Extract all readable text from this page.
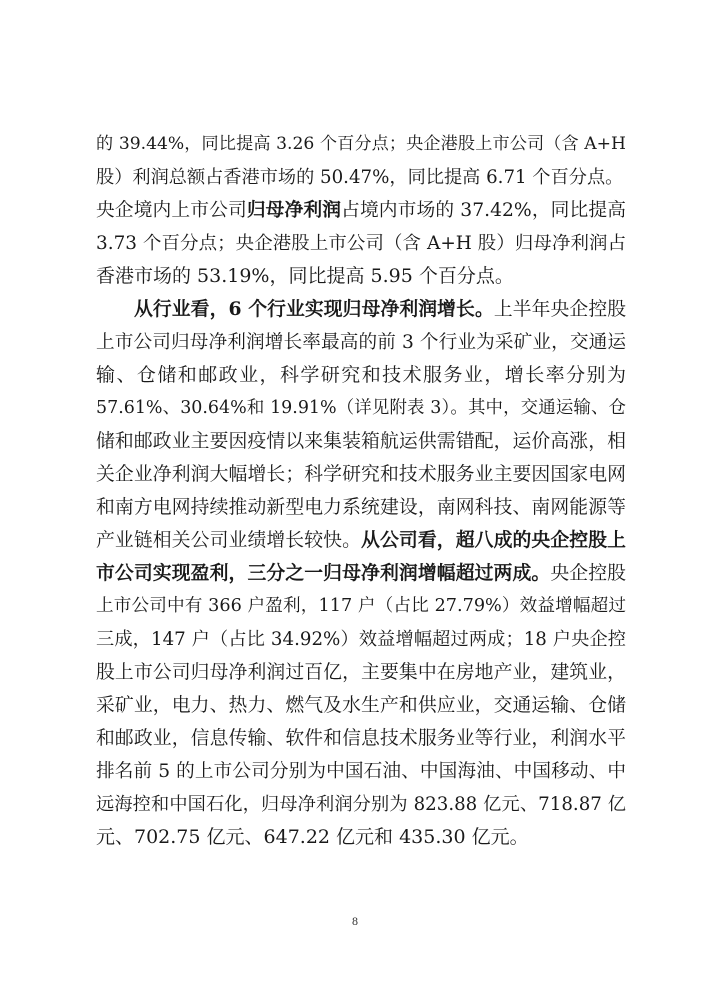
的 39.44%，同比提高 3.26 个百分点；央企港股上市公司（含 A+H
股）利润总额占香港市场的 50.47%，同比提高 6.71 个百分点。
央企境内上市公司归母净利润占境内市场的 37.42%，同比提高
3.73 个百分点；央企港股上市公司（含 A+H 股）归母净利润占
香港市场的 53.19%，同比提高 5.95 个百分点。
从行业看，6 个行业实现归母净利润增长。上半年央企控股
上市公司归母净利润增长率最高的前 3 个行业为采矿业，交通运
输、仓储和邮政业，科学研究和技术服务业，增长率分别为
57.61%、30.64%和 19.91%（详见附表 3）。其中，交通运输、仓
储和邮政业主要因疫情以来集装箱航运供需错配，运价高涨，相
关企业净利润大幅增长；科学研究和技术服务业主要因国家电网
和南方电网持续推动新型电力系统建设，南网科技、南网能源等
产业链相关公司业绩增长较快。从公司看，超八成的央企控股上
市公司实现盈利，三分之一归母净利润增幅超过两成。央企控股
上市公司中有 366 户盈利，117 户（占比 27.79%）效益增幅超过
三成，147 户（占比 34.92%）效益增幅超过两成；18 户央企控
股上市公司归母净利润过百亿，主要集中在房地产业，建筑业，
采矿业，电力、热力、燃气及水生产和供应业，交通运输、仓储
和邮政业，信息传输、软件和信息技术服务业等行业，利润水平
排名前 5 的上市公司分别为中国石油、中国海油、中国移动、中
远海控和中国石化，归母净利润分别为 823.88 亿元、718.87 亿
元、702.75 亿元、647.22 亿元和 435.30 亿元。
8
